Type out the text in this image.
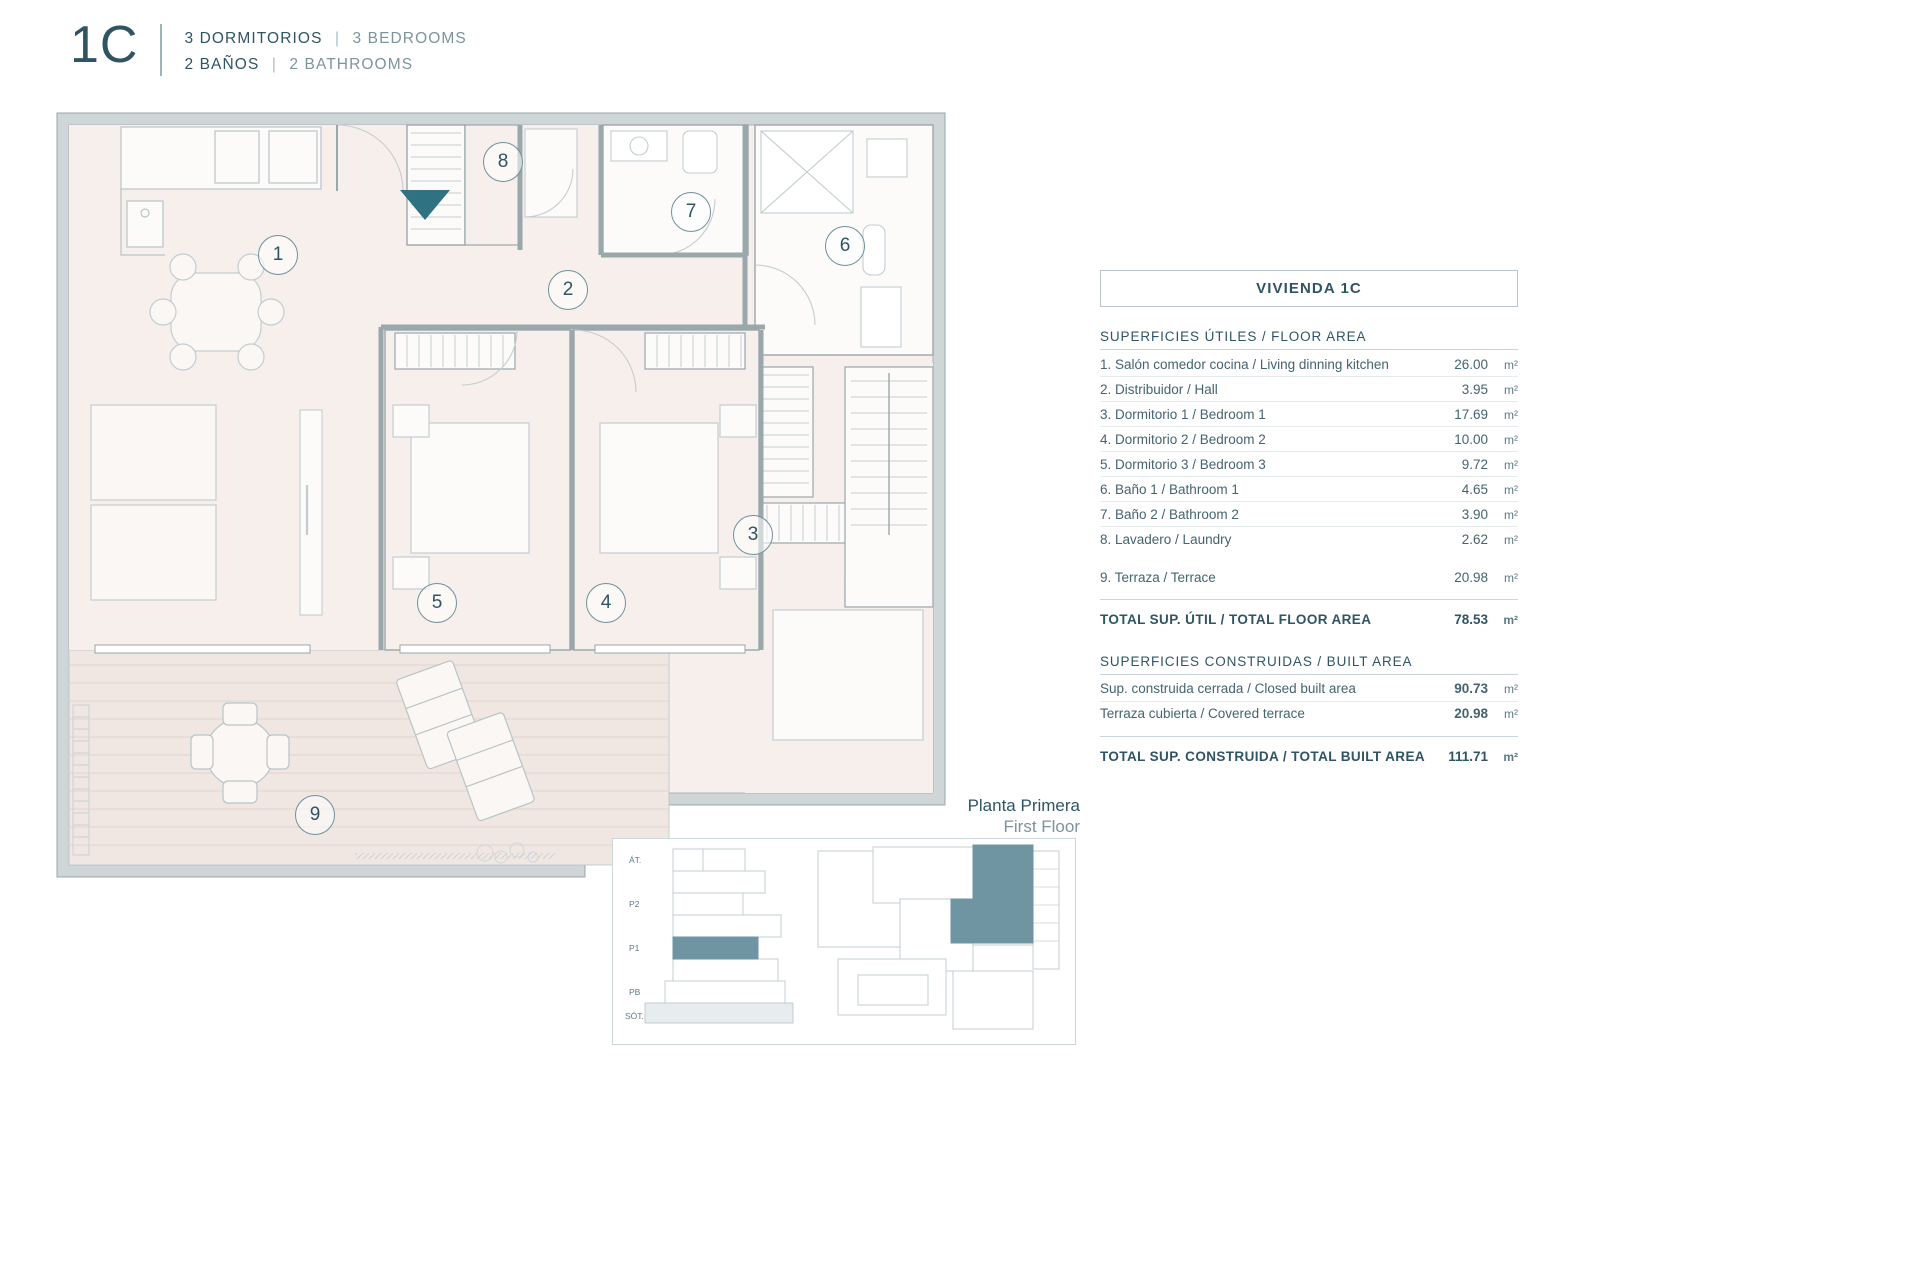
1C	3 DORMITORIOS | 3 BEDROOMS
2 BAÑOS | 2 BATHROOMS
1
2
3
4
5
6
7
8
9
VIVIENDA 1C
SUPERFICIES ÚTILES / FLOOR AREA
1. Salón comedor cocina / Living dinning kitchen	26.00	m²
2. Distribuidor / Hall	3.95	m²
3. Dormitorio 1 / Bedroom 1	17.69	m²
4. Dormitorio 2 / Bedroom 2	10.00	m²
5. Dormitorio 3 / Bedroom 3	9.72	m²
6. Baño 1 / Bathroom 1	4.65	m²
7. Baño 2 / Bathroom 2	3.90	m²
8. Lavadero / Laundry	2.62	m²
9. Terraza / Terrace	20.98	m²
TOTAL SUP. ÚTIL / TOTAL FLOOR AREA	78.53	m²
SUPERFICIES CONSTRUIDAS / BUILT AREA
Sup. construida cerrada / Closed built area	90.73	m²
Terraza cubierta / Covered terrace	20.98	m²
TOTAL SUP. CONSTRUIDA / TOTAL BUILT AREA	111.71	m²
Planta Primera
First Floor
ÁT.
P2
P1
PB
SÓT.
